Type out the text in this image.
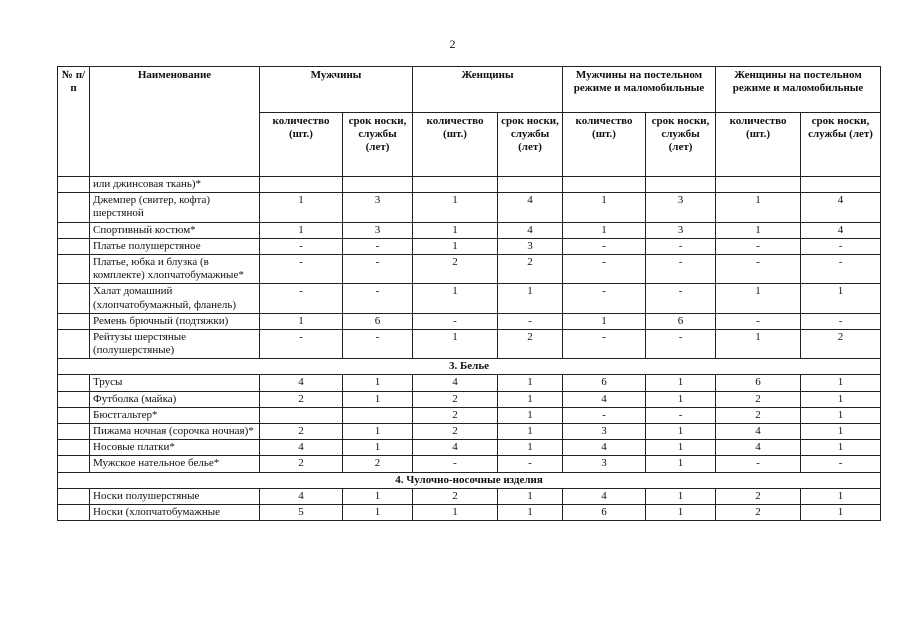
2
№ п/п	Наименование	Мужчины		Женщины		Мужчины на постельном режиме и маломобильные		Женщины на постельном режиме и маломобильные	
		количество (шт.)	срок носки, службы (лет)	количество (шт.)	срок носки, службы (лет)	количество (шт.)	срок носки, службы (лет)	количество (шт.)	срок носки, службы (лет)
	или джинсовая ткань)*								
	Джемпер (свитер, кофта) шерстяной	1	3	1	4	1	3	1	4
	Спортивный костюм*	1	3	1	4	1	3	1	4
	Платье полушерстяное	-	-	1	3	-	-	-	-
	Платье, юбка и блузка (в комплекте) хлопчатобумажные*	-	-	2	2	-	-	-	-
	Халат домашний (хлопчатобумажный, фланель)	-	-	1	1	-	-	1	1
	Ремень брючный (подтяжки)	1	6	-	-	1	6	-	-
	Рейтузы шерстяные (полушерстяные)	-	-	1	2	-	-	1	2
3. Белье									
	Трусы	4	1	4	1	6	1	6	1
	Футболка (майка)	2	1	2	1	4	1	2	1
	Бюстгальтер*			2	1	-	-	2	1
	Пижама ночная (сорочка ночная)*	2	1	2	1	3	1	4	1
	Носовые платки*	4	1	4	1	4	1	4	1
	Мужское нательное белье*	2	2	-	-	3	1	-	-
4. Чулочно-носочные изделия									
	Носки полушерстяные	4	1	2	1	4	1	2	1
	Носки (хлопчатобумажные	5	1	1	1	6	1	2	1
